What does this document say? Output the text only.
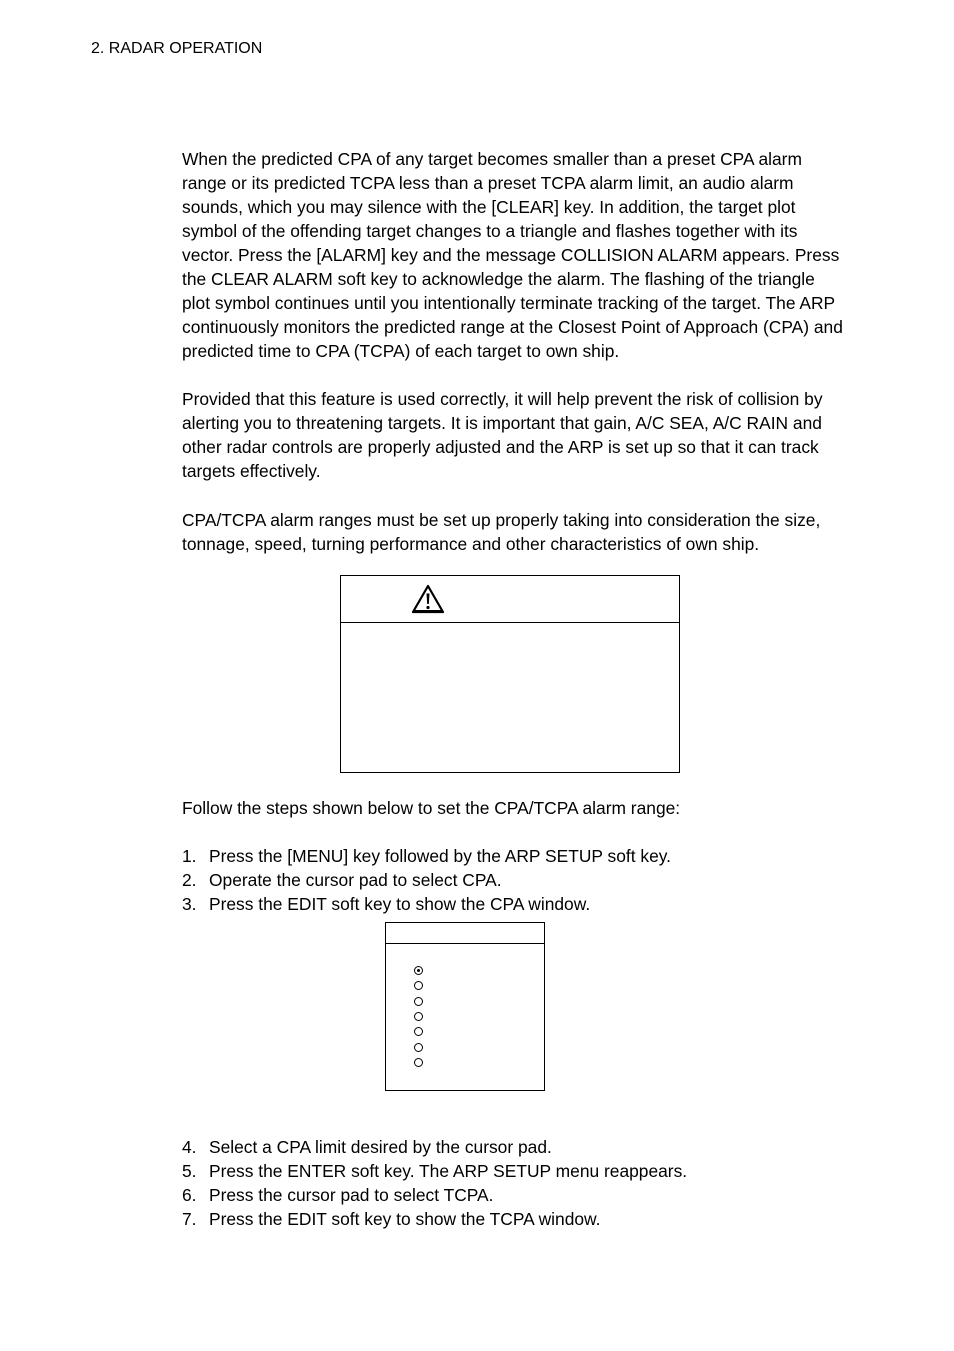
2. RADAR OPERATION

When the predicted CPA of any target becomes smaller than a preset CPA alarm range or its predicted TCPA less than a preset TCPA alarm limit, an audio alarm sounds, which you may silence with the [CLEAR] key. In addition, the target plot symbol of the offending target changes to a triangle and flashes together with its vector. Press the [ALARM] key and the message COLLISION ALARM appears. Press the CLEAR ALARM soft key to acknowledge the alarm. The flashing of the triangle plot symbol continues until you intentionally terminate tracking of the target. The ARP continuously monitors the predicted range at the Closest Point of Approach (CPA) and predicted time to CPA (TCPA) of each target to own ship.

Provided that this feature is used correctly, it will help prevent the risk of collision by alerting you to threatening targets. It is important that gain, A/C SEA, A/C RAIN and other radar controls are properly adjusted and the ARP is set up so that it can track targets effectively.

CPA/TCPA alarm ranges must be set up properly taking into consideration the size, tonnage, speed, turning performance and other characteristics of own ship.

Follow the steps shown below to set the CPA/TCPA alarm range:

1. Press the [MENU] key followed by the ARP SETUP soft key.
2. Operate the cursor pad to select CPA.
3. Press the EDIT soft key to show the CPA window.
4. Select a CPA limit desired by the cursor pad.
5. Press the ENTER soft key. The ARP SETUP menu reappears.
6. Press the cursor pad to select TCPA.
7. Press the EDIT soft key to show the TCPA window.
